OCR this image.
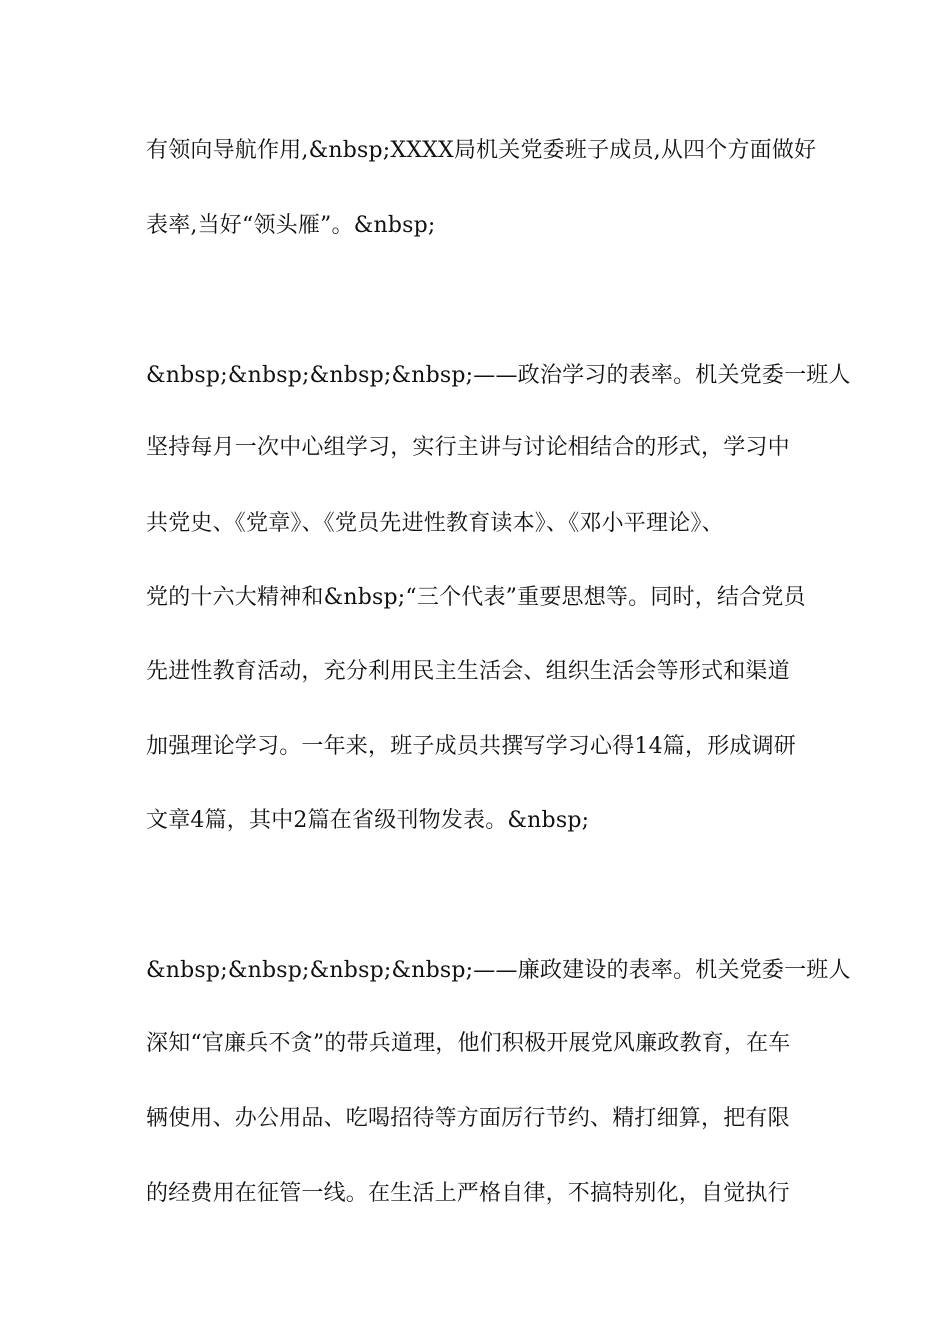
有领向导航作用,&nbsp;XXXX局机关党委班子成员,从四个方面做好
表率,当好“领头雁”。&nbsp;
&nbsp;&nbsp;&nbsp;&nbsp;——政治学习的表率。机关党委一班人
坚持每月一次中心组学习，实行主讲与讨论相结合的形式，学习中
共党史、《党章》、《党员先进性教育读本》、《邓小平理论》、
党的十六大精神和&nbsp;“三个代表”重要思想等。同时，结合党员
先进性教育活动，充分利用民主生活会、组织生活会等形式和渠道
加强理论学习。一年来，班子成员共撰写学习心得14篇，形成调研
文章4篇，其中2篇在省级刊物发表。&nbsp;
&nbsp;&nbsp;&nbsp;&nbsp;——廉政建设的表率。机关党委一班人
深知“官廉兵不贪”的带兵道理，他们积极开展党风廉政教育，在车
辆使用、办公用品、吃喝招待等方面厉行节约、精打细算，把有限
的经费用在征管一线。在生活上严格自律，不搞特别化，自觉执行
